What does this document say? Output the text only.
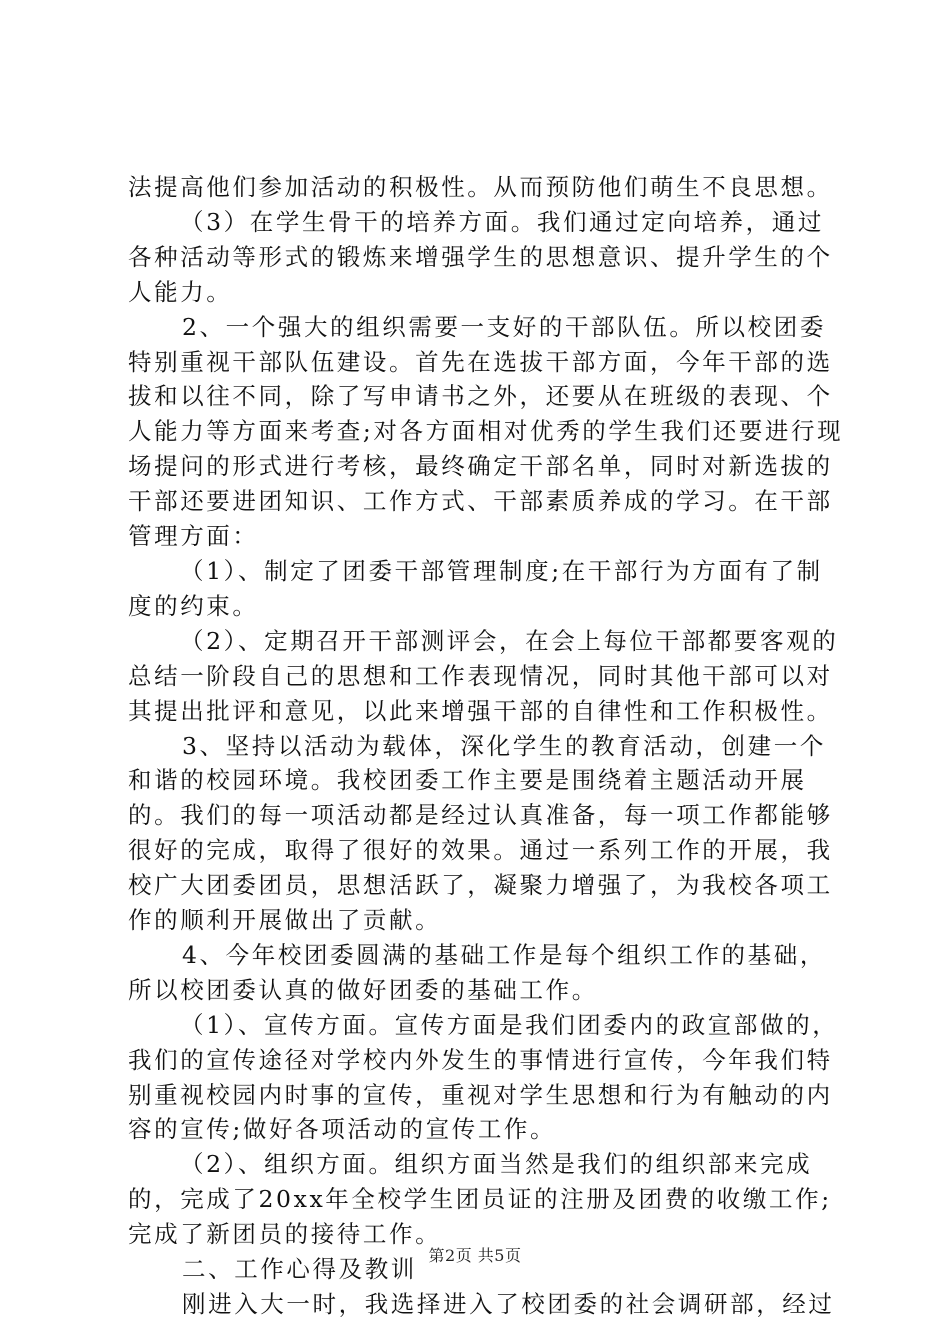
法提高他们参加活动的积极性。从而预防他们萌生不良思想。

（3）在学生骨干的培养方面。我们通过定向培养，通过各种活动等形式的锻炼来增强学生的思想意识、提升学生的个人能力。

2、一个强大的组织需要一支好的干部队伍。所以校团委特别重视干部队伍建设。首先在选拔干部方面，今年干部的选拔和以往不同，除了写申请书之外，还要从在班级的表现、个人能力等方面来考查;对各方面相对优秀的学生我们还要进行现场提问的形式进行考核，最终确定干部名单，同时对新选拔的干部还要进团知识、工作方式、干部素质养成的学习。在干部管理方面：

（1）、制定了团委干部管理制度;在干部行为方面有了制度的约束。

（2）、定期召开干部测评会，在会上每位干部都要客观的总结一阶段自己的思想和工作表现情况，同时其他干部可以对其提出批评和意见，以此来增强干部的自律性和工作积极性。

3、坚持以活动为载体，深化学生的教育活动，创建一个和谐的校园环境。我校团委工作主要是围绕着主题活动开展的。我们的每一项活动都是经过认真准备，每一项工作都能够很好的完成，取得了很好的效果。通过一系列工作的开展，我校广大团委团员，思想活跃了，凝聚力增强了，为我校各项工作的顺利开展做出了贡献。

4、今年校团委圆满的基础工作是每个组织工作的基础，所以校团委认真的做好团委的基础工作。

（1）、宣传方面。宣传方面是我们团委内的政宣部做的，我们的宣传途径对学校内外发生的事情进行宣传，今年我们特别重视校园内时事的宣传，重视对学生思想和行为有触动的内容的宣传;做好各项活动的宣传工作。

（2）、组织方面。组织方面当然是我们的组织部来完成的，完成了20xx年全校学生团员证的注册及团费的收缴工作;完成了新团员的接待工作。

二、工作心得及教训

刚进入大一时，我选择进入了校团委的社会调研部，经过

第2页 共5页
